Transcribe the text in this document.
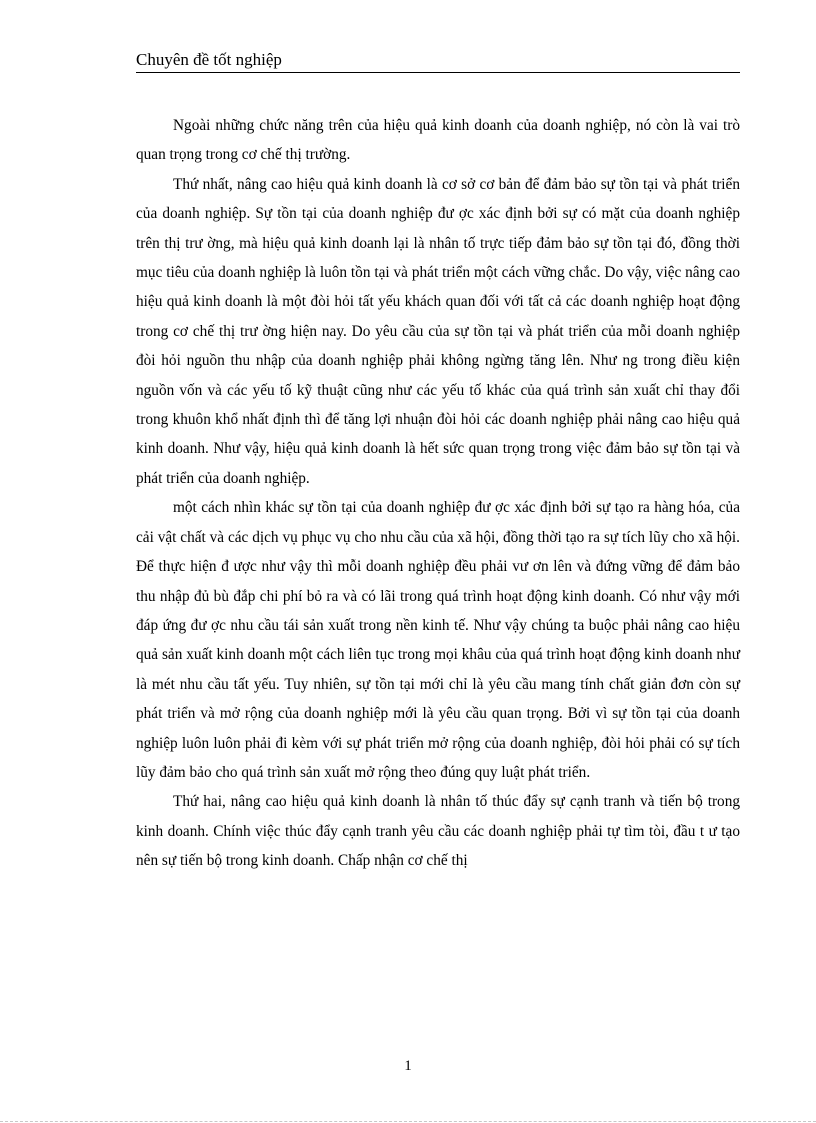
Chuyên đề tốt nghiệp

Ngoài những chức năng trên của hiệu quả kinh doanh của doanh nghiệp, nó còn là vai trò quan trọng trong cơ chế thị trường.

Thứ nhất, nâng cao hiệu quả kinh doanh là cơ sở cơ bản để đảm bảo sự tồn tại và phát triển của doanh nghiệp. Sự tồn tại của doanh nghiệp đư ợc xác định bởi sự có mặt của doanh nghiệp trên thị trư ờng, mà hiệu quả kinh doanh lại là nhân tố trực tiếp đảm bảo sự tồn tại đó, đồng thời mục tiêu của doanh nghiệp là luôn tồn tại và phát triển một cách vững chắc. Do vậy, việc nâng cao hiệu quả kinh doanh là một đòi hỏi tất yếu khách quan đối với tất cả các doanh nghiệp hoạt động trong cơ chế thị trư ờng hiện nay. Do yêu cầu của sự tồn tại và phát triển của mỗi doanh nghiệp đòi hỏi nguồn thu nhập của doanh nghiệp phải không ngừng tăng lên. Như ng trong điều kiện nguồn vốn và các yếu tố kỹ thuật cũng như các yếu tố khác của quá trình sản xuất chỉ thay đổi trong khuôn khổ nhất định thì để tăng lợi nhuận đòi hỏi các doanh nghiệp phải nâng cao hiệu quả kinh doanh. Như vậy, hiệu quả kinh doanh là hết sức quan trọng trong việc đảm bảo sự tồn tại và phát triển của doanh nghiệp.

một cách nhìn khác sự tồn tại của doanh nghiệp đư ợc xác định bởi sự tạo ra hàng hóa, của cải vật chất và các dịch vụ phục vụ cho nhu cầu của xã hội, đồng thời tạo ra sự tích lũy cho xã hội. Để thực hiện đ ược như vậy thì mỗi doanh nghiệp đều phải vư ơn lên và đứng vững để đảm bảo thu nhập đủ bù đắp chi phí bỏ ra và có lãi trong quá trình hoạt động kinh doanh. Có như vậy mới đáp ứng đư ợc nhu cầu tái sản xuất trong nền kinh tế. Như vậy chúng ta buộc phải nâng cao hiệu quả sản xuất kinh doanh một cách liên tục trong mọi khâu của quá trình hoạt động kinh doanh như là mét nhu cầu tất yếu. Tuy nhiên, sự tồn tại mới chỉ là yêu cầu mang tính chất giản đơn còn sự phát triển và mở rộng của doanh nghiệp mới là yêu cầu quan trọng. Bởi vì sự tồn tại của doanh nghiệp luôn luôn phải đi kèm với sự phát triển mở rộng của doanh nghiệp, đòi hỏi phải có sự tích lũy đảm bảo cho quá trình sản xuất mở rộng theo đúng quy luật phát triển.

Thứ hai, nâng cao hiệu quả kinh doanh là nhân tố thúc đẩy sự cạnh tranh và tiến bộ trong kinh doanh. Chính việc thúc đẩy cạnh tranh yêu cầu các doanh nghiệp phải tự tìm tòi, đầu t ư tạo nên sự tiến bộ trong kinh doanh. Chấp nhận cơ chế thị

1
